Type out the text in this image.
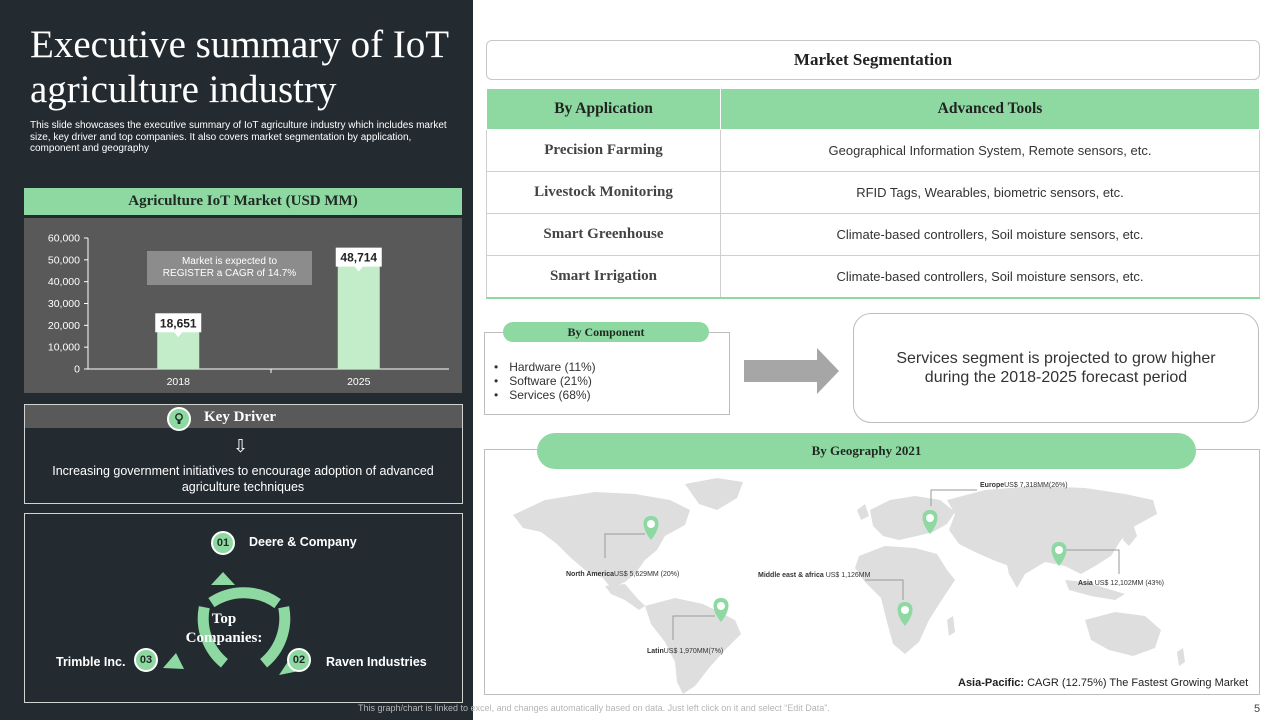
Executive summary of IoT agriculture industry

This slide showcases the executive summary of IoT agriculture industry which includes market size, key driver and top companies. It also covers market segmentation by application, component and geography

Agriculture IoT Market (USD MM)
60,000
50,000
40,000
30,000
20,000
10,000
0
2018	2025
18,651
48,714
Market is expected to REGISTER a CAGR of 14.7%
Key Driver
⇩

Increasing government initiatives to encourage adoption of advanced agriculture techniques

01	Deere & Company
02	Raven Industries
03
Trimble Inc.
Top Companies:
Market Segmentation
By Application	Advanced Tools
Precision Farming	Geographical Information System, Remote sensors, etc.
Livestock Monitoring	RFID Tags, Wearables, biometric sensors, etc.
Smart Greenhouse	Climate-based controllers, Soil moisture sensors, etc.
Smart Irrigation	Climate-based controllers, Soil moisture sensors, etc.
By Component
• Hardware (11%)
• Software (21%)
• Services (68%)
Services segment is projected to grow higher during the 2018-2025 forecast period
By Geography 2021
North AmericaUS$ 5,629MM (20%)
LatinUS$ 1,970MM(7%)
EuropeUS$ 7,318MM(26%)
Middle east & africa US$ 1,126MM
Asia US$ 12,102MM (43%)
Asia-Pacific: CAGR (12.75%) The Fastest Growing Market
This graph/chart is linked to excel, and changes automatically based on data. Just left click on it and select “Edit Data”.	5
